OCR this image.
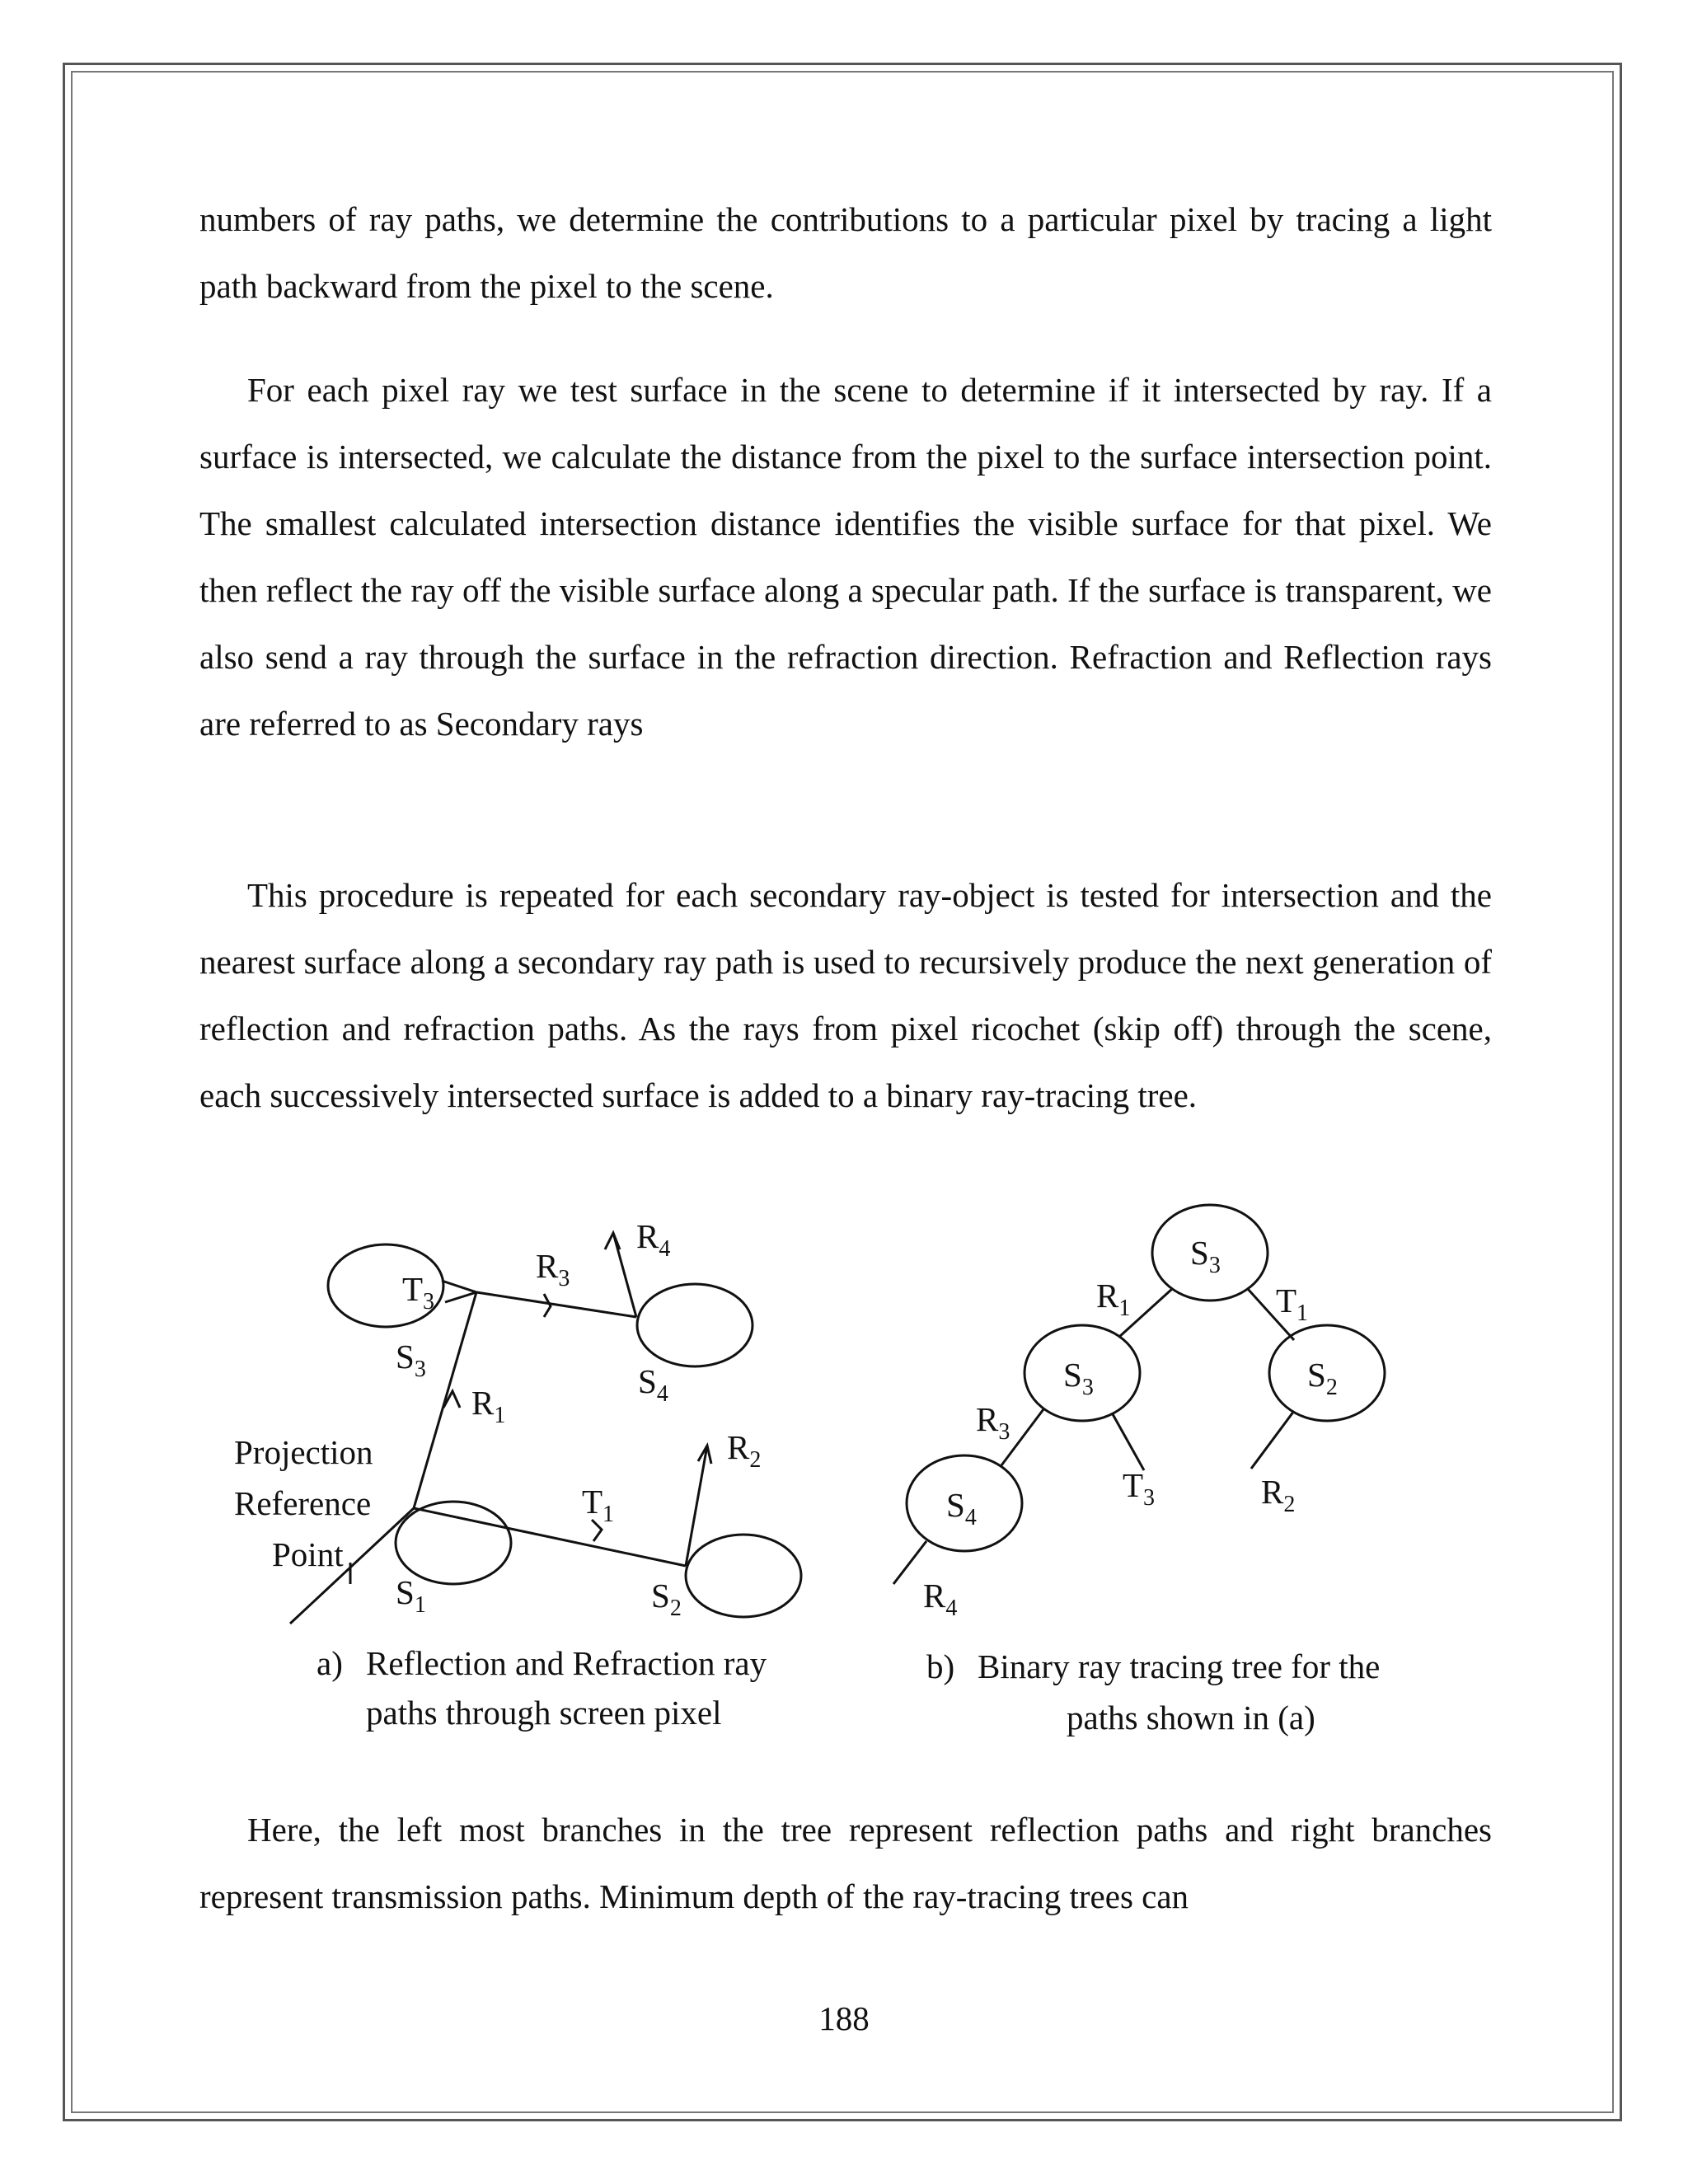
numbers of ray paths, we determine the contributions to a particular pixel by tracing a light path backward from the pixel to the scene.

For each pixel ray we test surface in the scene to determine if it intersected by ray. If a surface is intersected, we calculate the distance from the pixel to the surface intersection point. The smallest calculated intersection distance identifies the visible surface for that pixel. We then reflect the ray off the visible surface along a specular path. If the surface is transparent, we also send a ray through the surface in the refraction direction. Refraction and Reflection rays are referred to as Secondary rays

This procedure is repeated for each secondary ray-object is tested for intersection and the nearest surface along a secondary ray path is used to recursively produce the next generation of reflection and refraction paths. As the rays from pixel ricochet (skip off) through the scene, each successively intersected surface is added to a binary ray-tracing tree.

Projection
Reference
Point
$T_3$
$S_3$
$R_3$
$R_4$
$S_4$
$R_1$
$R_2$
$T_1$
$S_1$	$S_2$
$S_3$
$R_1$	$T_1$
$S_3$	$S_2$
$R_3$
$T_3$	$R_2$
$S_4$
$R_4$

a) Reflection and Refraction ray

paths through screen pixel

b) Binary ray tracing tree for the

paths shown in (a)

Here, the left most branches in the tree represent reflection paths and right branches represent transmission paths. Minimum depth of the ray-tracing trees can

188
